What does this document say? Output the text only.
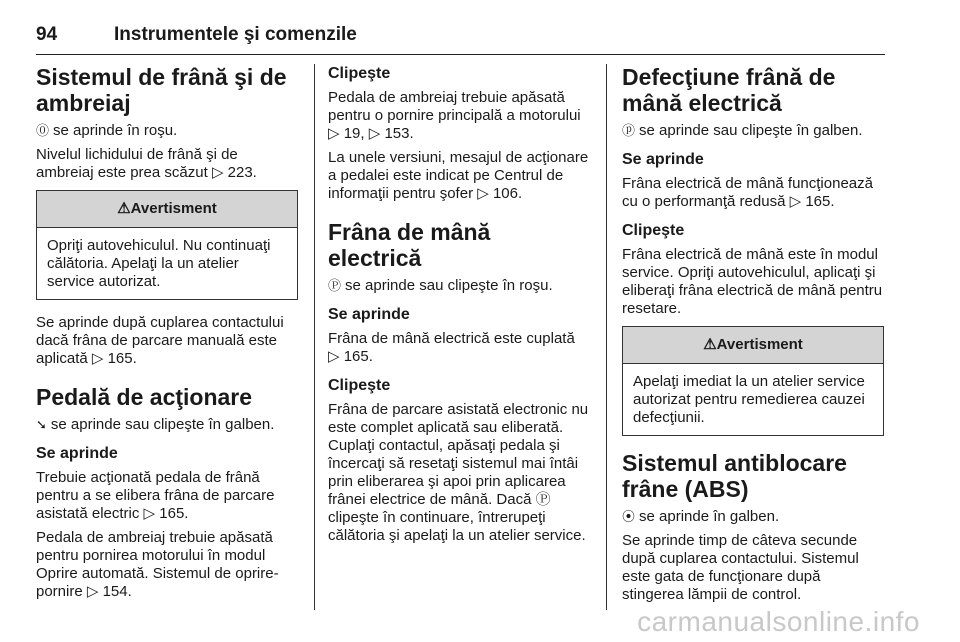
94	Instrumentele şi comenzile
Sistemul de frână şi de ambreiaj

⓪ se aprinde în roşu.

Nivelul lichidului de frână şi de ambreiaj este prea scăzut ▷ 223.

⚠Avertisment

Opriţi autovehiculul. Nu continuaţi călătoria. Apelaţi la un atelier service autorizat.

Se aprinde după cuplarea contactului dacă frâna de parcare manuală este aplicată ▷ 165.

Pedală de acţionare

➘ se aprinde sau clipeşte în galben.

Se aprinde

Trebuie acţionată pedala de frână pentru a se elibera frâna de parcare asistată electric ▷ 165.

Pedala de ambreiaj trebuie apăsată pentru pornirea motorului în modul Oprire automată. Sistemul de oprire-pornire ▷ 154.

Clipeşte

Pedala de ambreiaj trebuie apăsată pentru o pornire principală a motorului ▷ 19, ▷ 153.

La unele versiuni, mesajul de acţionare a pedalei este indicat pe Centrul de informaţii pentru şofer ▷ 106.

Frâna de mână electrică

Ⓟ se aprinde sau clipeşte în roşu.

Se aprinde

Frâna de mână electrică este cuplată ▷ 165.

Clipeşte

Frâna de parcare asistată electronic nu este complet aplicată sau eliberată. Cuplaţi contactul, apăsaţi pedala şi încercaţi să resetaţi sistemul mai întâi prin eliberarea şi apoi prin aplicarea frânei electrice de mână. Dacă Ⓟ clipeşte în continuare, întrerupeţi călătoria şi apelaţi la un atelier service.

Defecţiune frână de mână electrică

ⓟ se aprinde sau clipeşte în galben.

Se aprinde

Frâna electrică de mână funcţionează cu o performanţă redusă ▷ 165.

Clipeşte

Frâna electrică de mână este în modul service. Opriţi autovehiculul, aplicaţi şi eliberaţi frâna electrică de mână pentru resetare.

⚠Avertisment

Apelaţi imediat la un atelier service autorizat pentru remedierea cauzei defecţiunii.

Sistemul antiblocare frâne (ABS)

⦿ se aprinde în galben.

Se aprinde timp de câteva secunde după cuplarea contactului. Sistemul este gata de funcţionare după stingerea lămpii de control.

carmanualsonline.info
